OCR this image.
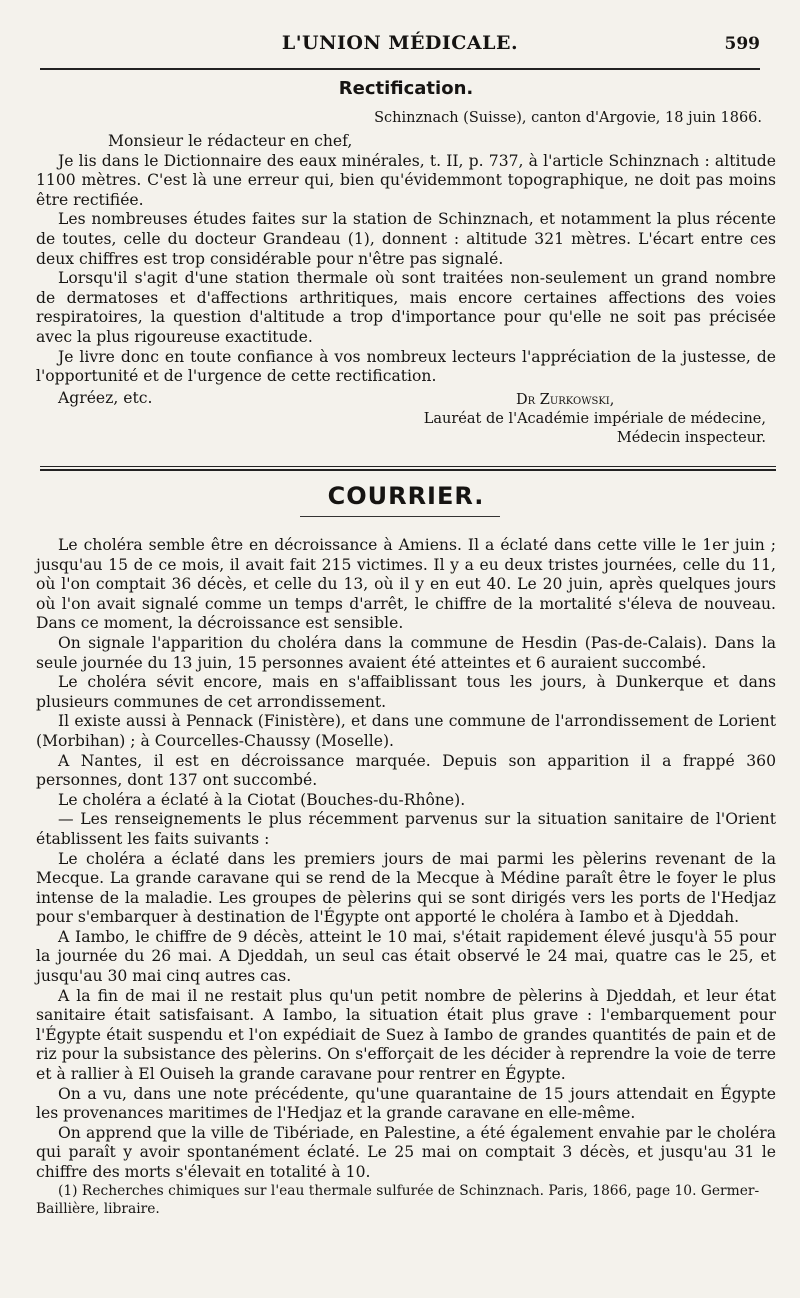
L'UNION MÉDICALE.	599
Rectification.

Schinznach (Suisse), canton d'Argovie, 18 juin 1866.

Monsieur le rédacteur en chef,

Je lis dans le Dictionnaire des eaux minérales, t. II, p. 737, à l'article Schinznach : altitude 1100 mètres. C'est là une erreur qui, bien qu'évidemmont topographique, ne doit pas moins être rectifiée.

Les nombreuses études faites sur la station de Schinznach, et notamment la plus récente de toutes, celle du docteur Grandeau (1), donnent : altitude 321 mètres. L'écart entre ces deux chiffres est trop considérable pour n'être pas signalé.

Lorsqu'il s'agit d'une station thermale où sont traitées non-seulement un grand nombre de dermatoses et d'affections arthritiques, mais encore certaines affections des voies respiratoires, la question d'altitude a trop d'importance pour qu'elle ne soit pas précisée avec la plus rigoureuse exactitude.

Je livre donc en toute confiance à vos nombreux lecteurs l'appréciation de la justesse, de l'opportunité et de l'urgence de cette rectification.

Agréez, etc.	Dr Zurkowski,

Lauréat de l'Académie impériale de médecine,

Médecin inspecteur.

COURRIER.

Le choléra semble être en décroissance à Amiens. Il a éclaté dans cette ville le 1er juin ; jusqu'au 15 de ce mois, il avait fait 215 victimes. Il y a eu deux tristes journées, celle du 11, où l'on comptait 36 décès, et celle du 13, où il y en eut 40. Le 20 juin, après quelques jours où l'on avait signalé comme un temps d'arrêt, le chiffre de la mortalité s'éleva de nouveau. Dans ce moment, la décroissance est sensible.

On signale l'apparition du choléra dans la commune de Hesdin (Pas-de-Calais). Dans la seule journée du 13 juin, 15 personnes avaient été atteintes et 6 auraient succombé.

Le choléra sévit encore, mais en s'affaiblissant tous les jours, à Dunkerque et dans plusieurs communes de cet arrondissement.

Il existe aussi à Pennack (Finistère), et dans une commune de l'arrondissement de Lorient (Morbihan) ; à Courcelles-Chaussy (Moselle).

A Nantes, il est en décroissance marquée. Depuis son apparition il a frappé 360 personnes, dont 137 ont succombé.

Le choléra a éclaté à la Ciotat (Bouches-du-Rhône).

— Les renseignements le plus récemment parvenus sur la situation sanitaire de l'Orient établissent les faits suivants :

Le choléra a éclaté dans les premiers jours de mai parmi les pèlerins revenant de la Mecque. La grande caravane qui se rend de la Mecque à Médine paraît être le foyer le plus intense de la maladie. Les groupes de pèlerins qui se sont dirigés vers les ports de l'Hedjaz pour s'embarquer à destination de l'Égypte ont apporté le choléra à Iambo et à Djeddah.

A Iambo, le chiffre de 9 décès, atteint le 10 mai, s'était rapidement élevé jusqu'à 55 pour la journée du 26 mai. A Djeddah, un seul cas était observé le 24 mai, quatre cas le 25, et jusqu'au 30 mai cinq autres cas.

A la fin de mai il ne restait plus qu'un petit nombre de pèlerins à Djeddah, et leur état sanitaire était satisfaisant. A Iambo, la situation était plus grave : l'embarquement pour l'Égypte était suspendu et l'on expédiait de Suez à Iambo de grandes quantités de pain et de riz pour la subsistance des pèlerins. On s'efforçait de les décider à reprendre la voie de terre et à rallier à El Ouiseh la grande caravane pour rentrer en Égypte.

On a vu, dans une note précédente, qu'une quarantaine de 15 jours attendait en Égypte les provenances maritimes de l'Hedjaz et la grande caravane en elle-même.

On apprend que la ville de Tibériade, en Palestine, a été également envahie par le choléra qui paraît y avoir spontanément éclaté. Le 25 mai on comptait 3 décès, et jusqu'au 31 le chiffre des morts s'élevait en totalité à 10.

(1) Recherches chimiques sur l'eau thermale sulfurée de Schinznach. Paris, 1866, page 10. Germer-Baillière, libraire.
